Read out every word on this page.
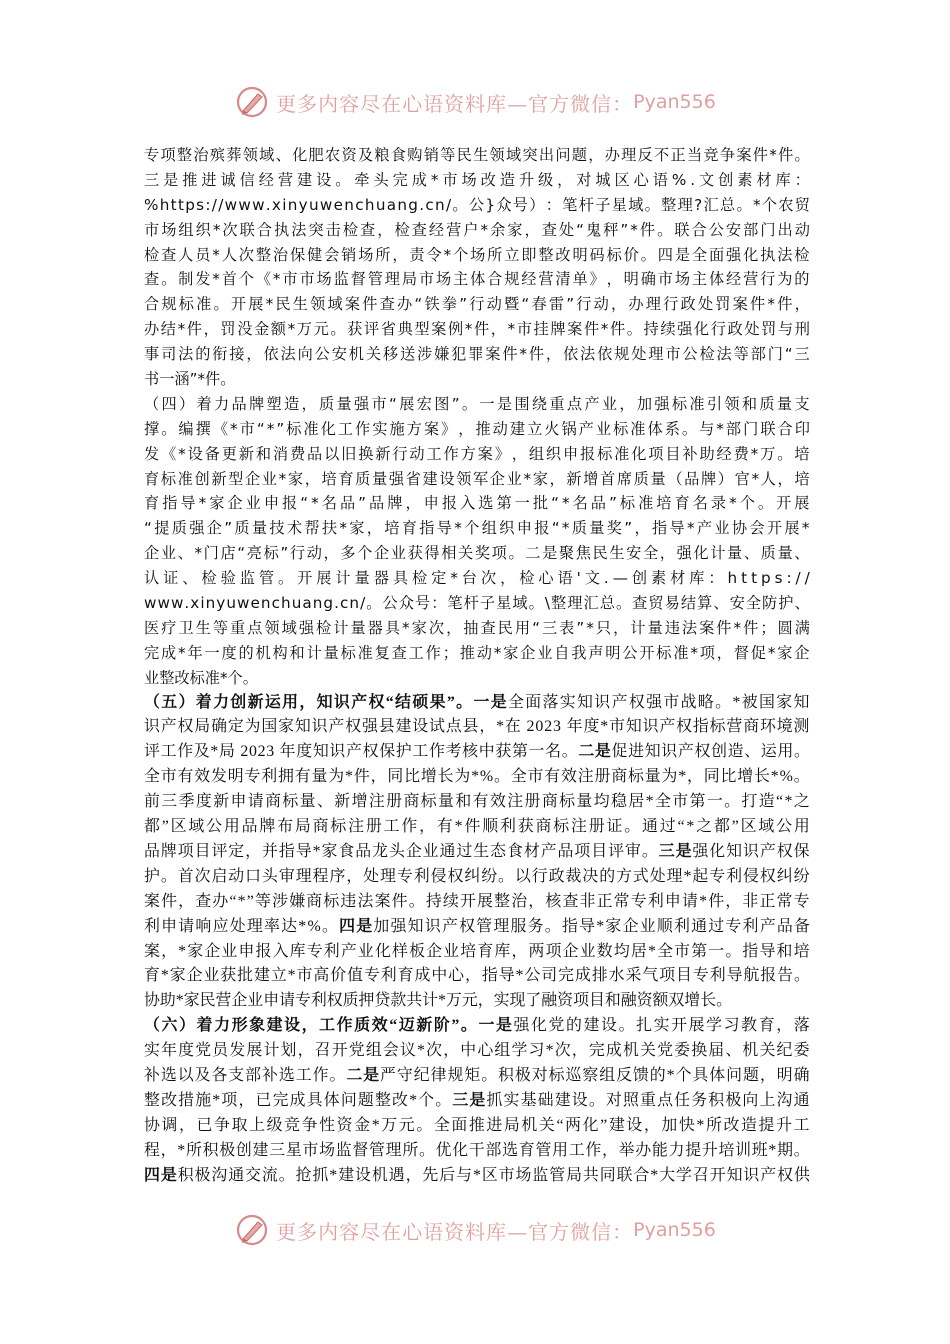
更多内容尽在心语资料库—官方微信： Pyan556
专 项 整 治 殡 葬 领 域 、 化 肥 农 资 及 粮 食 购 销 等 民 生 领 域 突 出 问 题 ， 办 理 反 不 正 当 竞 争 案 件 * 件 。
三 是 推 进 诚 信 经 营 建 设 。 牵 头 完 成 * 市 场 改 造 升 级 ， 对 城 区 心 语 % . 文 创 素 材 库 ：
% h t t p s : / / w w w . x i n y u w e n c h u a n g . c n / 。 公 } 众 号 ） ： 笔 杆 子 星 域 。 整 理 ? 汇 总 。 * 个 农 贸
市 场 组 织 * 次 联 合 执 法 突 击 检 查 ， 检 查 经 营 户 * 余 家 ， 查 处 “ 鬼 秤 ” * 件 。 联 合 公 安 部 门 出 动
检 查 人 员 * 人 次 整 治 保 健 会 销 场 所 ， 责 令 * 个 场 所 立 即 整 改 明 码 标 价 。 四 是 全 面 强 化 执 法 检
查 。 制 发 * 首 个 《 * 市 市 场 监 督 管 理 局 市 场 主 体 合 规 经 营 清 单 》 ， 明 确 市 场 主 体 经 营 行 为 的
合 规 标 准 。 开 展 * 民 生 领 域 案 件 查 办 “ 铁 拳 ” 行 动 暨 “ 春 雷 ” 行 动 ， 办 理 行 政 处 罚 案 件 * 件 ，
办 结 * 件 ， 罚 没 金 额 * 万 元 。 获 评 省 典 型 案 例 * 件 ， * 市 挂 牌 案 件 * 件 。 持 续 强 化 行 政 处 罚 与 刑
事 司 法 的 衔 接 ， 依 法 向 公 安 机 关 移 送 涉 嫌 犯 罪 案 件 * 件 ， 依 法 依 规 处 理 市 公 检 法 等 部 门 “ 三
书 一 涵 ” * 件 。
（ 四 ） 着 力 品 牌 塑 造 ， 质 量 强 市 “ 展 宏 图 ” 。 一 是 围 绕 重 点 产 业 ， 加 强 标 准 引 领 和 质 量 支
撑 。 编 撰 《 * 市 “ * ” 标 准 化 工 作 实 施 方 案 》 ， 推 动 建 立 火 锅 产 业 标 准 体 系 。 与 * 部 门 联 合 印
发 《 * 设 备 更 新 和 消 费 品 以 旧 换 新 行 动 工 作 方 案 》 ， 组 织 申 报 标 准 化 项 目 补 助 经 费 * 万 。 培
育 标 准 创 新 型 企 业 * 家 ， 培 育 质 量 强 省 建 设 领 军 企 业 * 家 ， 新 增 首 席 质 量 （ 品 牌 ） 官 * 人 ， 培
育 指 导 * 家 企 业 申 报 “ * 名 品 ” 品 牌 ， 申 报 入 选 第 一 批 “ * 名 品 ” 标 准 培 育 名 录 * 个 。 开 展
“ 提 质 强 企 ” 质 量 技 术 帮 扶 * 家 ， 培 育 指 导 * 个 组 织 申 报 “ * 质 量 奖 ” ， 指 导 * 产 业 协 会 开 展 *
企 业 、 * 门 店 “ 亮 标 ” 行 动 ， 多 个 企 业 获 得 相 关 奖 项 。 二 是 聚 焦 民 生 安 全 ， 强 化 计 量 、 质 量 、
认 证 、 检 验 监 管 。 开 展 计 量 器 具 检 定 * 台 次 ， 检 心 语 ' 文 . — 创 素 材 库 ： h t t p s : / /
w w w . x i n y u w e n c h u a n g . c n / 。 公 众 号 ： 笔 杆 子 星 域 。 \ 整 理 汇 总 。 查 贸 易 结 算 、 安 全 防 护 、
医 疗 卫 生 等 重 点 领 域 强 检 计 量 器 具 * 家 次 ， 抽 查 民 用 “ 三 表 ” * 只 ， 计 量 违 法 案 件 * 件 ； 圆 满
完 成 * 年 一 度 的 机 构 和 计 量 标 准 复 查 工 作 ； 推 动 * 家 企 业 自 我 声 明 公 开 标 准 * 项 ， 督 促 * 家 企
业 整 改 标 准 * 个 。
（ 五 ） 着 力 创 新 运 用 ， 知 识 产 权 “ 结 硕 果 ” 。 一 是 全 面 落 实 知 识 产 权 强 市 战 略 。 * 被 国 家 知
识 产 权 局 确 定 为 国 家 知 识 产 权 强 县 建 设 试 点 县 ， * 在
2 0 2 3
年 度 * 市 知 识 产 权 指 标 营 商 环 境 测
评 工 作 及 * 局
2 0 2 3
年 度 知 识 产 权 保 护 工 作 考 核 中 获 第 一 名 。 二 是 促 进 知 识 产 权 创 造 、 运 用 。
全 市 有 效 发 明 专 利 拥 有 量 为 * 件 ， 同 比 增 长 为 * % 。 全 市 有 效 注 册 商 标 量 为 * ， 同 比 增 长 * % 。
前 三 季 度 新 申 请 商 标 量 、 新 增 注 册 商 标 量 和 有 效 注 册 商 标 量 均 稳 居 * 全 市 第 一 。 打 造 “ * 之
都 ” 区 域 公 用 品 牌 布 局 商 标 注 册 工 作 ， 有 * 件 顺 利 获 商 标 注 册 证 。 通 过 “ * 之 都 ” 区 域 公 用
品 牌 项 目 评 定 ， 并 指 导 * 家 食 品 龙 头 企 业 通 过 生 态 食 材 产 品 项 目 评 审 。 三 是 强 化 知 识 产 权 保
护 。 首 次 启 动 口 头 审 理 程 序 ， 处 理 专 利 侵 权 纠 纷 。 以 行 政 裁 决 的 方 式 处 理 * 起 专 利 侵 权 纠 纷
案 件 ， 查 办 “ * ” 等 涉 嫌 商 标 违 法 案 件 。 持 续 开 展 整 治 ， 核 查 非 正 常 专 利 申 请 * 件 ， 非 正 常 专
利 申 请 响 应 处 理 率 达 * % 。 四 是 加 强 知 识 产 权 管 理 服 务 。 指 导 * 家 企 业 顺 利 通 过 专 利 产 品 备
案 ， * 家 企 业 申 报 入 库 专 利 产 业 化 样 板 企 业 培 育 库 ， 两 项 企 业 数 均 居 * 全 市 第 一 。 指 导 和 培
育 * 家 企 业 获 批 建 立 * 市 高 价 值 专 利 育 成 中 心 ， 指 导 * 公 司 完 成 排 水 采 气 项 目 专 利 导 航 报 告 。
协 助 * 家 民 营 企 业 申 请 专 利 权 质 押 贷 款 共 计 * 万 元 ， 实 现 了 融 资 项 目 和 融 资 额 双 增 长 。
（ 六 ） 着 力 形 象 建 设 ， 工 作 质 效 “ 迈 新 阶 ” 。 一 是 强 化 党 的 建 设 。 扎 实 开 展 学 习 教 育 ， 落
实 年 度 党 员 发 展 计 划 ， 召 开 党 组 会 议 * 次 ， 中 心 组 学 习 * 次 ， 完 成 机 关 党 委 换 届 、 机 关 纪 委
补 选 以 及 各 支 部 补 选 工 作 。 二 是 严 守 纪 律 规 矩 。 积 极 对 标 巡 察 组 反 馈 的 * 个 具 体 问 题 ， 明 确
整 改 措 施 * 项 ， 已 完 成 具 体 问 题 整 改 * 个 。 三 是 抓 实 基 础 建 设 。 对 照 重 点 任 务 积 极 向 上 沟 通
协 调 ， 已 争 取 上 级 竞 争 性 资 金 * 万 元 。 全 面 推 进 局 机 关 “ 两 化 ” 建 设 ， 加 快 * 所 改 造 提 升 工
程 ， * 所 积 极 创 建 三 星 市 场 监 督 管 理 所 。 优 化 干 部 选 育 管 用 工 作 ， 举 办 能 力 提 升 培 训 班 * 期 。
四 是 积 极 沟 通 交 流 。 抢 抓 * 建 设 机 遇 ， 先 后 与 * 区 市 场 监 管 局 共 同 联 合 * 大 学 召 开 知 识 产 权 供
更多内容尽在心语资料库—官方微信： Pyan556
